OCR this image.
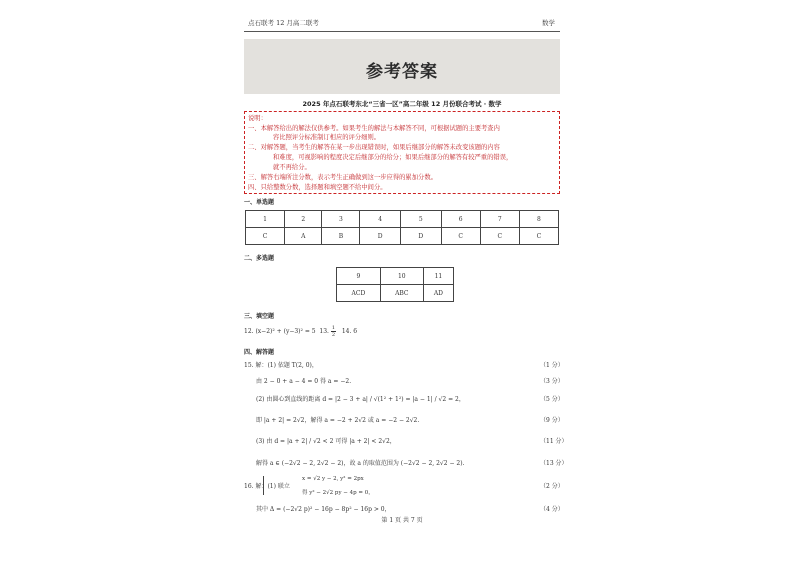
点石联考 12 月高二联考	数学
参考答案
2025 年点石联考东北“三省一区”高二年级 12 月份联合考试 · 数学
说明：
一、本解答给出的解法仅供参考。如果考生的解法与本解答不同，可根据试题的主要考查内
容比照评分标准制订相应的评分细则。
二、对解答题，当考生的解答在某一步出现错误时，如果后继部分的解答未改变该题的内容
和难度，可视影响的程度决定后继部分的给分；如果后继部分的解答有较严重的错误，
就不再给分。
三、解答右端所注分数，表示考生正确做到这一步应得的累加分数。
四、只给整数分数，选择题和填空题不给中间分。
一、单选题
1	2	3	4	5	6	7	8
C	A	B	D	D	C	C	C
二、多选题
9	10	11
ACD	ABC	AD
三、填空题
12. (x−2)² + (y−3)² = 5 13. $\frac{1}{2} 14$. 6
四、解答题
15. 解：(1) 依题 T(2, 0)，	（1 分）
由 2 − 0 + a − 4 = 0 得 a = −2.	（3 分）
(2) 由圆心到直线的距离 d = |2 − 3 + a| / √(1² + 1²) = |a − 1| / √2 = 2，	（5 分）
即 |a + 2| = 2√2，解得 a = −2 + 2√2 或 a = −2 − 2√2.	（9 分）
(3) 由 d = |a + 2| / √2 < 2 可得 |a + 2| < 2√2，	（11 分）
解得 a ∈ (−2√2 − 2, 2√2 − 2)，故 a 的取值范围为 (−2√2 − 2, 2√2 − 2).	（13 分）
16. 解：(1) 联立	（2 分）
x = √2 y − 2, y² = 2px
得 y² − 2√2 py − 4p = 0，
其中 Δ = (−2√2 p)² − 16p − 8p² − 16p > 0，	（4 分）
第 1 页 共 7 页
